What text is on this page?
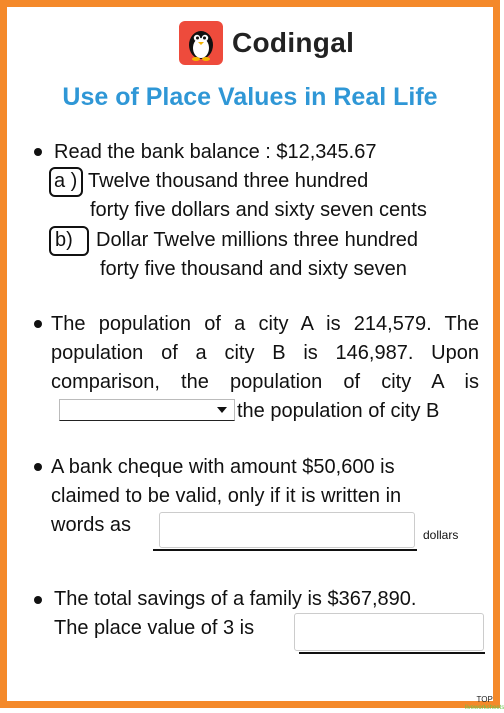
Codingal
Use of Place Values in Real Life
Read the bank balance : $12,345.67
a ) Twelve thousand three hundred
forty five dollars and sixty seven cents
b) Dollar Twelve millions three hundred
forty five thousand and sixty seven
The population of a city A is 214,579. The
population of a city B is 146,987. Upon
comparison, the population of city A is
the population of city B
A bank cheque with amount $50,600 is
claimed to be valid, only if it is written in
words as	dollars
The total savings of a family is $367,890.
The place value of 3 is
TOP
liveworksheets
